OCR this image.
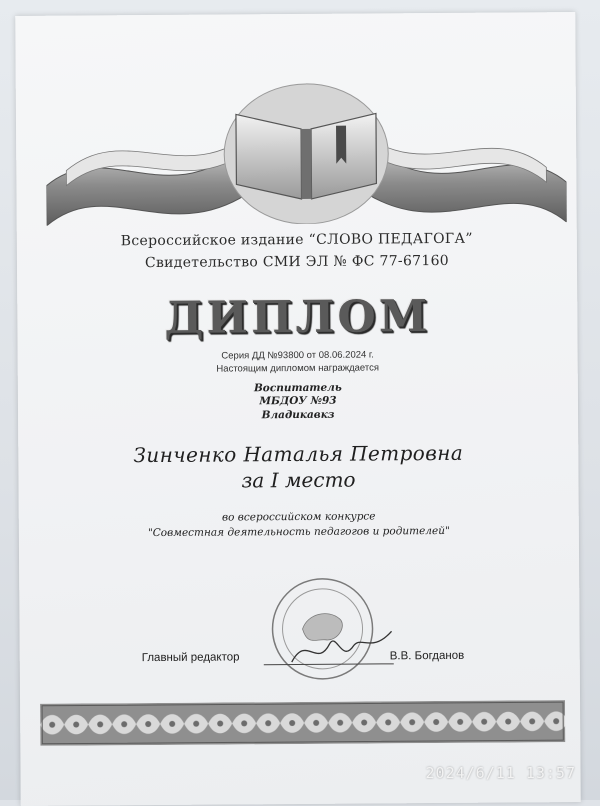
Всероссийское издание “СЛОВО ПЕДАГОГА”
Свидетельство СМИ ЭЛ № ФС 77-67160
ДИПЛОМ
Серия ДД №93800 от 08.06.2024 г.
Настоящим дипломом награждается
Воспитатель
МБДОУ №93
Владикавкз
Зинченко Наталья Петровна
за I место
во всероссийском конкурсе
"Совместная деятельность педагогов и родителей"
Главный редактор	В.В. Богданов
2024/6/11 13:57
